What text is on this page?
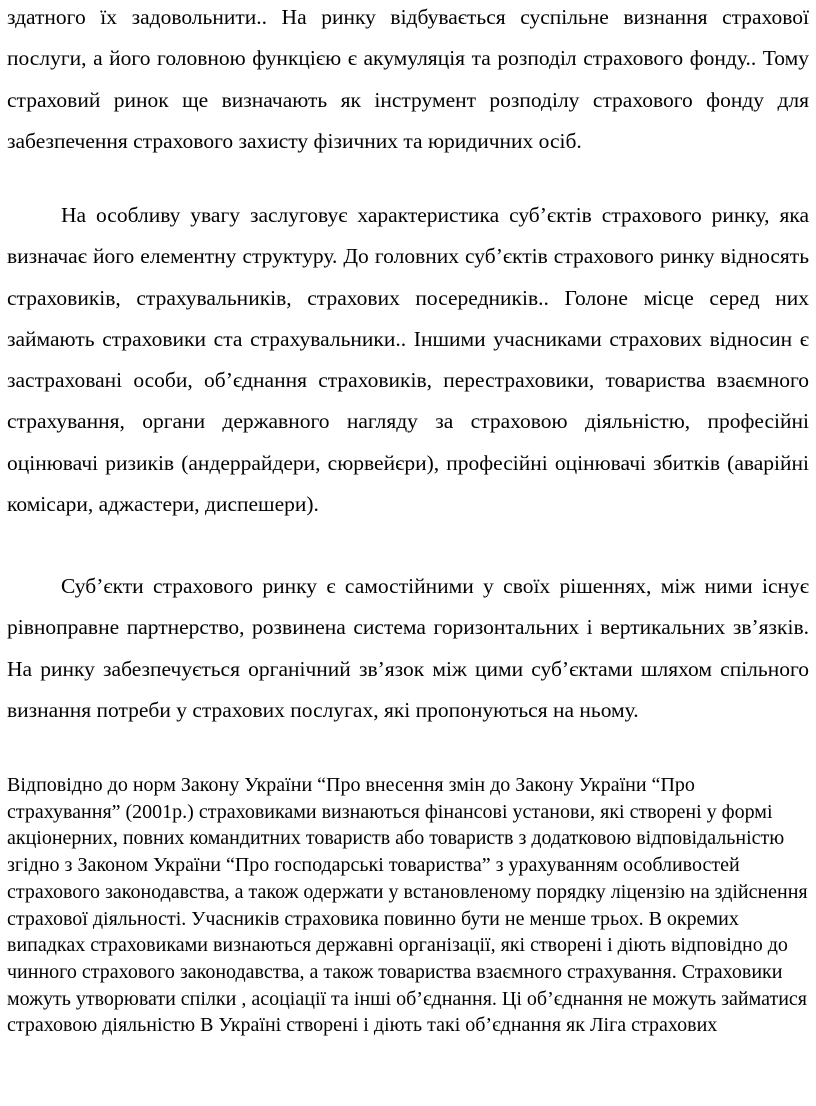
здатного їх задовольнити.. На ринку відбувається суспільне визнання страхової послуги, а його головною функцією є акумуляція та розподіл страхового фонду.. Тому страховий ринок ще визначають як інструмент розподілу страхового фонду для забезпечення страхового захисту фізичних та юридичних осіб.

На особливу увагу заслуговує характеристика суб’єктів страхового ринку, яка визначає його елементну структуру. До головних суб’єктів страхового ринку відносять страховиків, страхувальників, страхових посередників.. Голоне місце серед них займають страховики ста страхувальники.. Іншими учасниками страхових відносин є застраховані особи, об’єднання страховиків, перестраховики, товариства взаємного страхування, органи державного нагляду за страховою діяльністю, професійні оцінювачі ризиків (андеррайдери, сюрвейєри), професійні оцінювачі збитків (аварійні комісари, аджастери, диспешери).

Суб’єкти страхового ринку є самостійними у своїх рішеннях, між ними існує рівноправне партнерство, розвинена система горизонтальних і вертикальних зв’язків. На ринку забезпечується органічний зв’язок між цими суб’єктами шляхом спільного визнання потреби у страхових послугах, які пропонуються на ньому.

Відповідно до норм Закону України “Про внесення змін до Закону України “Про страхування” (2001р.) страховиками визнаються фінансові установи, які створені у формі акціонерних, повних командитних товариств або товариств з додатковою відповідальністю згідно з Законом України “Про господарські товариства” з урахуванням особливостей страхового законодавства, а також одержати у встановленому порядку ліцензію на здійснення страхової діяльності. Учасників страховика повинно бути не менше трьох. В окремих випадках страховиками визнаються державні організації, які створені і діють відповідно до чинного страхового законодавства, а також товариства взаємного страхування. Страховики можуть утворювати спілки , асоціації та інші об’єднання. Ці об’єднання не можуть займатися страховою діяльністю В Україні створені і діють такі об’єднання як Ліга страхових
